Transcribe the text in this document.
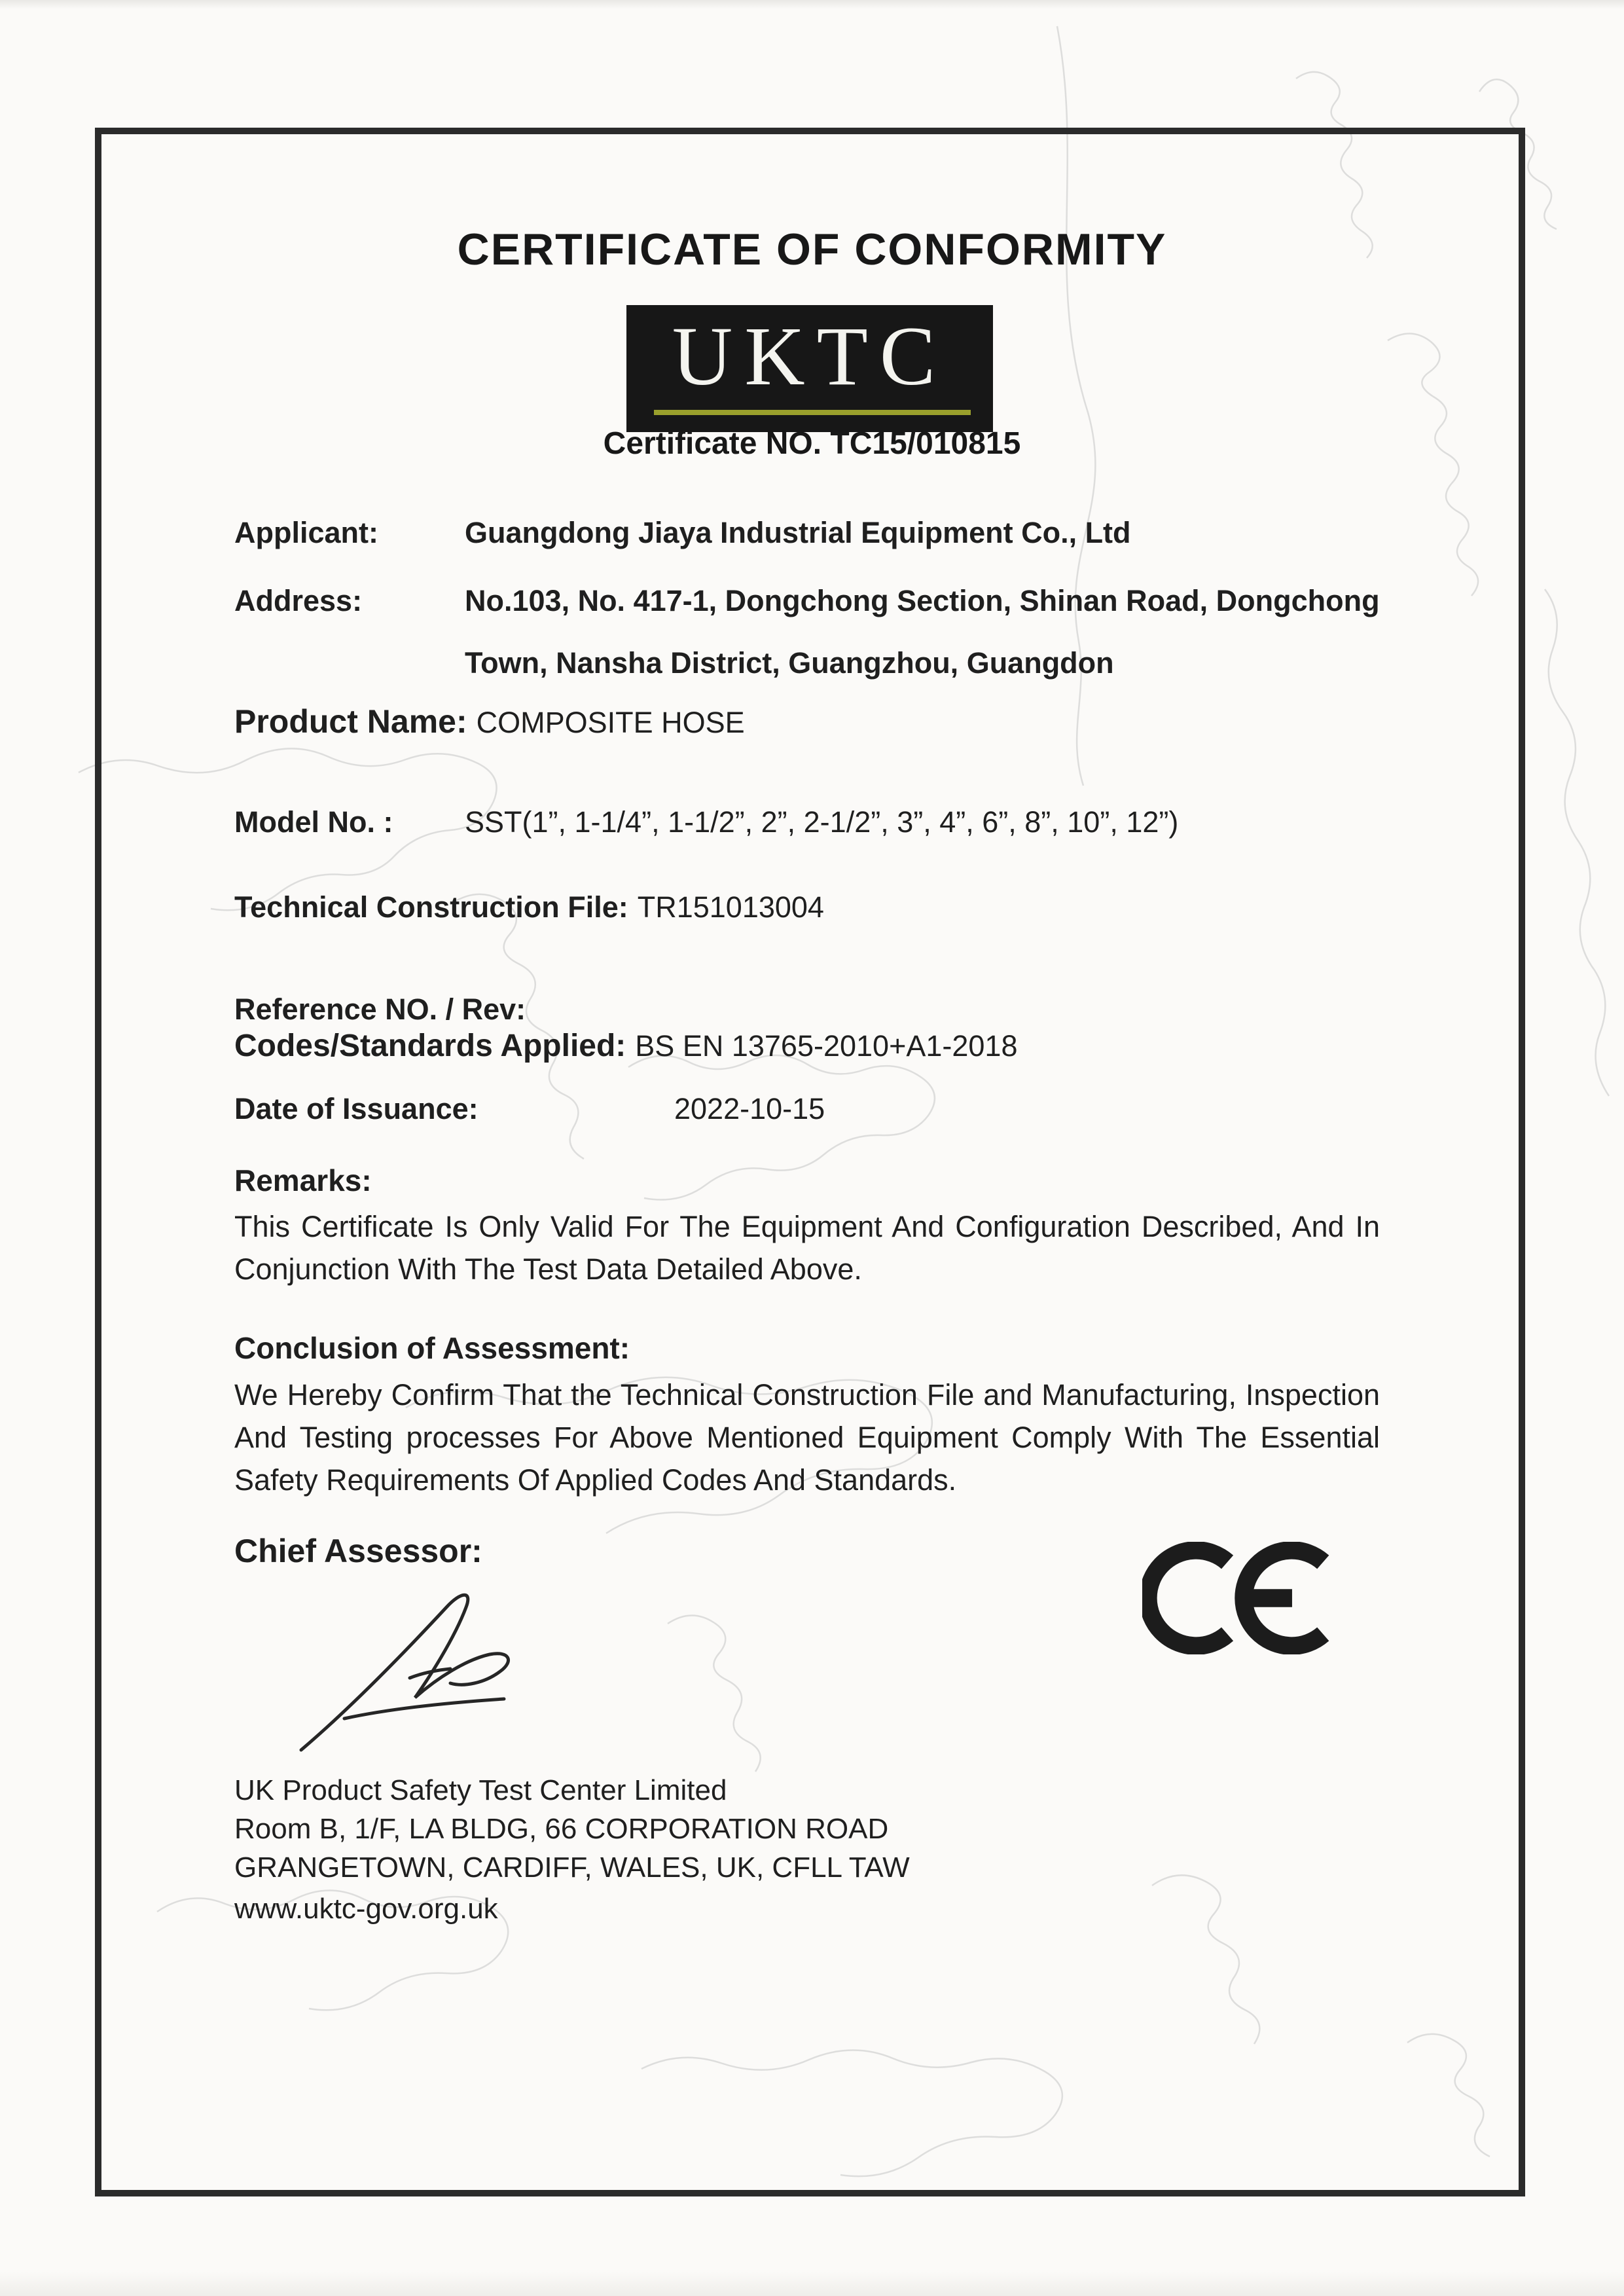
CERTIFICATE OF CONFORMITY
UKTC
Certificate NO. TC15/010815
Applicant:	Guangdong Jiaya Industrial Equipment Co., Ltd
Address:	No.103, No. 417-1, Dongchong Section, Shinan Road, Dongchong
Town, Nansha District, Guangzhou, Guangdon
Product Name: COMPOSITE HOSE
Model No. : SST(1”, 1-1/4”, 1-1/2”, 2”, 2-1/2”, 3”, 4”, 6”, 8”, 10”, 12”)
Technical Construction File: TR151013004
Reference NO. / Rev:
Codes/Standards Applied: BS EN 13765-2010+A1-2018
Date of Issuance:	2022-10-15
Remarks:

This Certificate Is Only Valid For The Equipment And Configuration Described, And In Conjunction With The Test Data Detailed Above.

Conclusion of Assessment:

We Hereby Confirm That the Technical Construction File and Manufacturing, Inspection And Testing processes For Above Mentioned Equipment Comply With The Essential Safety Requirements Of Applied Codes And Standards.

Chief Assessor:
UK Product Safety Test Center Limited
Room B, 1/F, LA BLDG, 66 CORPORATION ROAD
GRANGETOWN, CARDIFF, WALES, UK, CFLL TAW
www.uktc-gov.org.uk
